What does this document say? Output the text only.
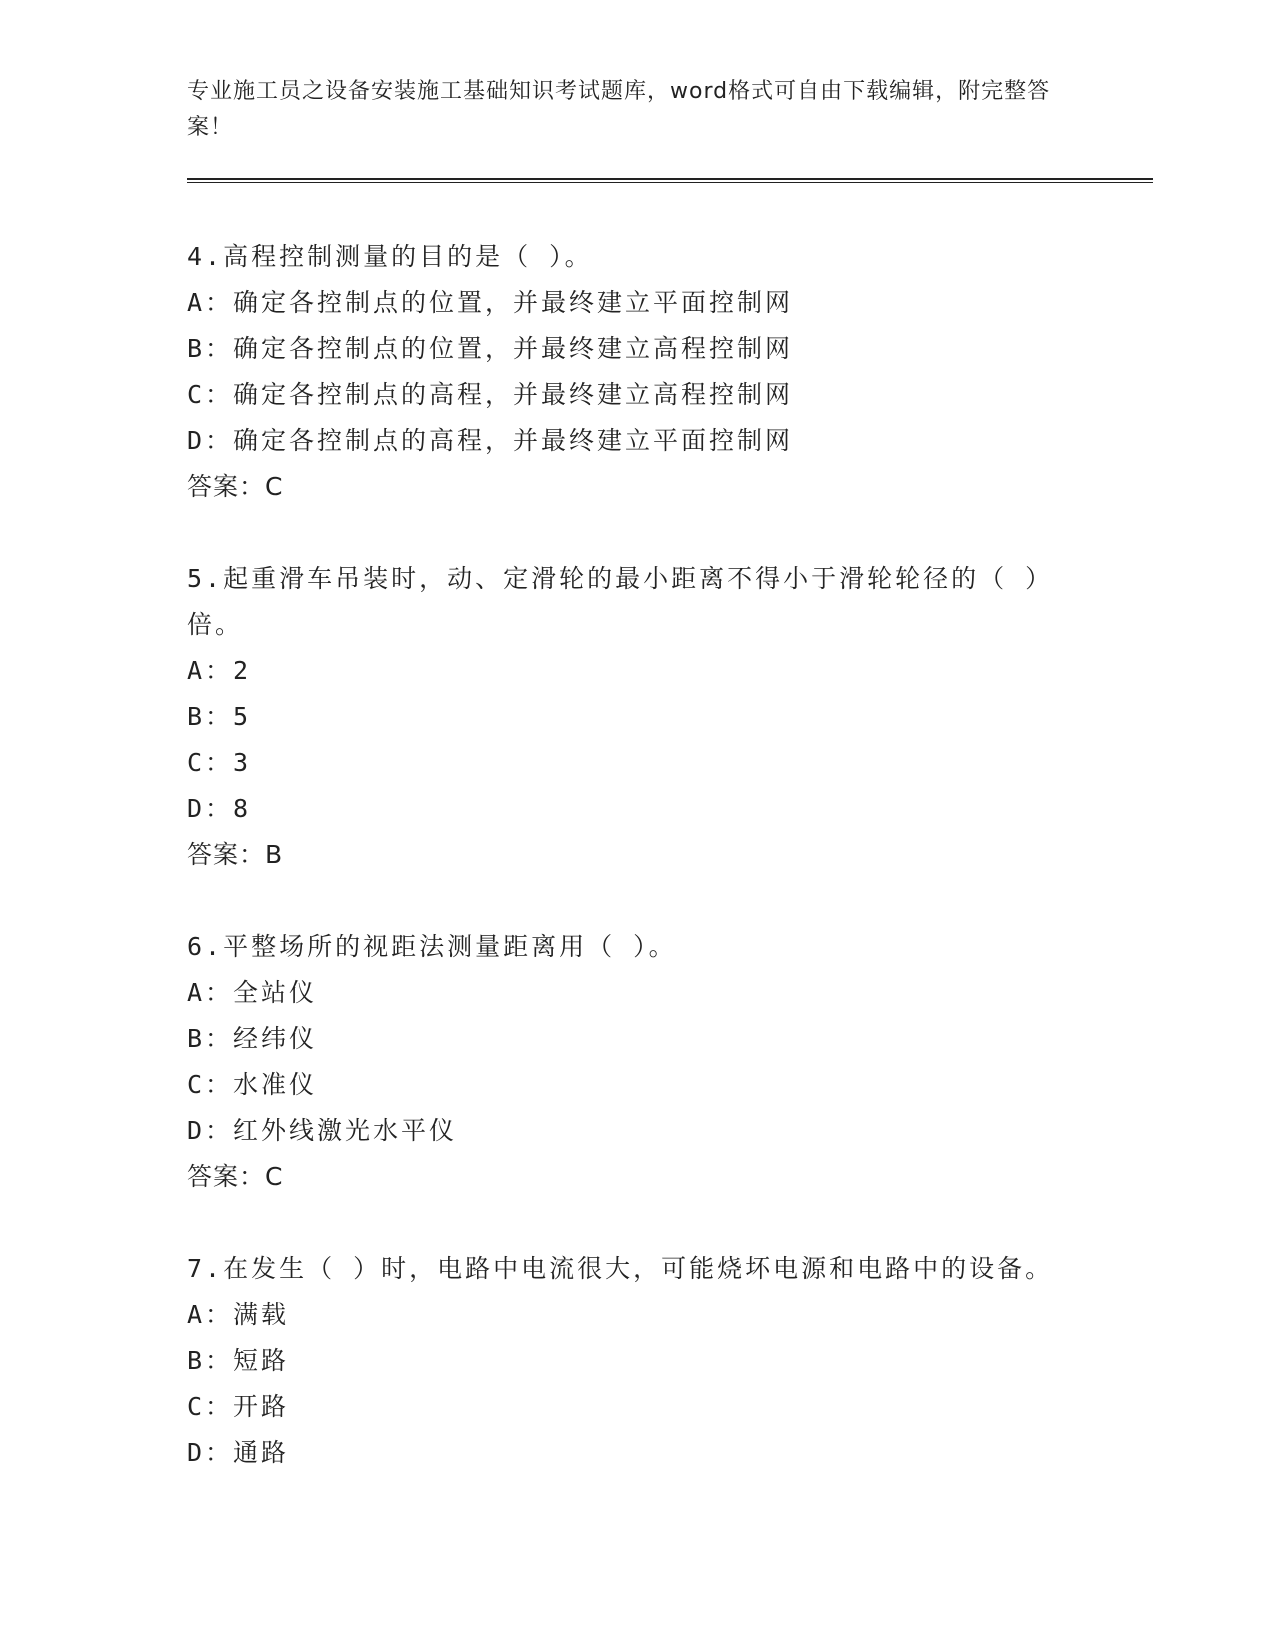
专业施工员之设备安装施工基础知识考试题库，word格式可自由下载编辑，附完整答案！
4.高程控制测量的目的是（ ）。
A：确定各控制点的位置，并最终建立平面控制网
B：确定各控制点的位置，并最终建立高程控制网
C：确定各控制点的高程，并最终建立高程控制网
D：确定各控制点的高程，并最终建立平面控制网
答案：C
5.起重滑车吊装时，动、定滑轮的最小距离不得小于滑轮轮径的（ ）倍。
A：2
B：5
C：3
D：8
答案：B
6.平整场所的视距法测量距离用（ ）。
A：全站仪
B：经纬仪
C：水准仪
D：红外线激光水平仪
答案：C
7.在发生（ ）时，电路中电流很大，可能烧坏电源和电路中的设备。
A：满载
B：短路
C：开路
D：通路
